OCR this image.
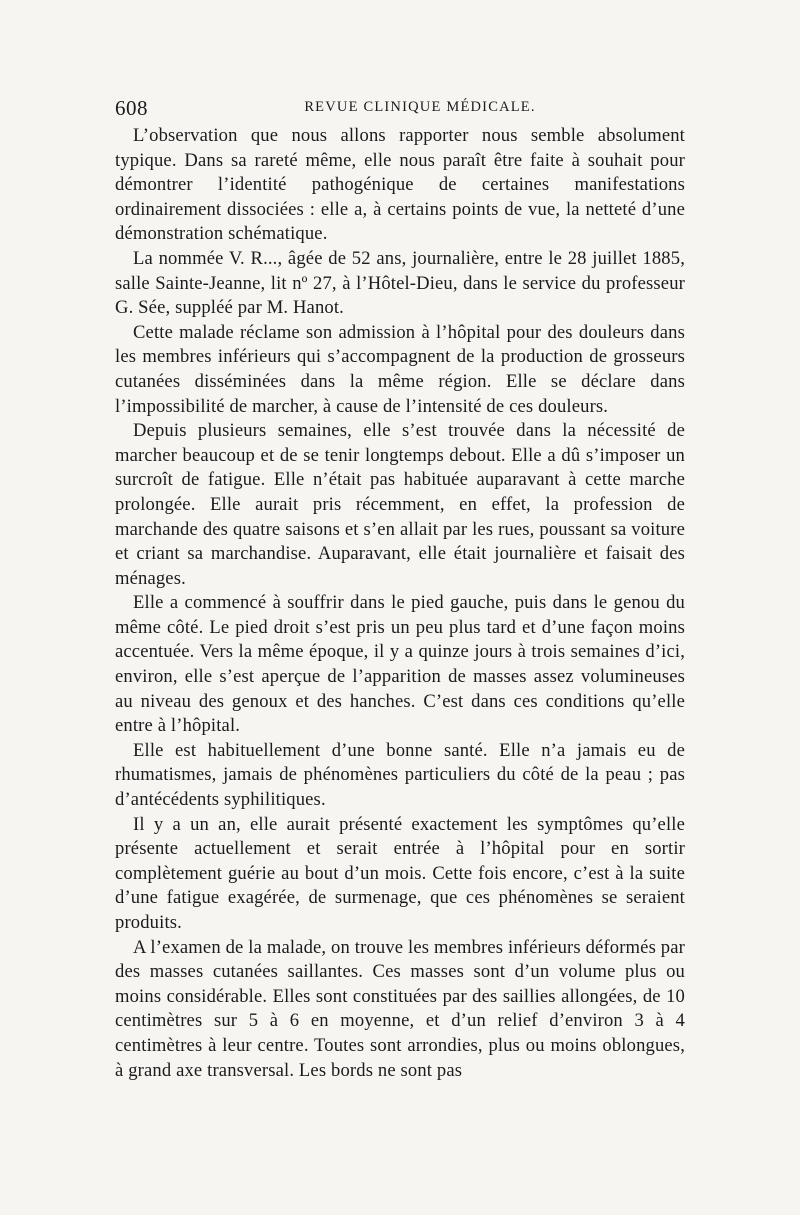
608	REVUE CLINIQUE MÉDICALE.

L’observation que nous allons rapporter nous semble absolument typique. Dans sa rareté même, elle nous paraît être faite à souhait pour démontrer l’identité pathogénique de certaines manifestations ordinairement dissociées : elle a, à certains points de vue, la netteté d’une démonstration schématique.

La nommée V. R..., âgée de 52 ans, journalière, entre le 28 juillet 1885, salle Sainte-Jeanne, lit nº 27, à l’Hôtel-Dieu, dans le service du professeur G. Sée, suppléé par M. Hanot.

Cette malade réclame son admission à l’hôpital pour des douleurs dans les membres inférieurs qui s’accompagnent de la production de grosseurs cutanées disséminées dans la même région. Elle se déclare dans l’impossibilité de marcher, à cause de l’intensité de ces douleurs.

Depuis plusieurs semaines, elle s’est trouvée dans la nécessité de marcher beaucoup et de se tenir longtemps debout. Elle a dû s’imposer un surcroît de fatigue. Elle n’était pas habituée auparavant à cette marche prolongée. Elle aurait pris récemment, en effet, la profession de marchande des quatre saisons et s’en allait par les rues, poussant sa voiture et criant sa marchandise. Auparavant, elle était journalière et faisait des ménages.

Elle a commencé à souffrir dans le pied gauche, puis dans le genou du même côté. Le pied droit s’est pris un peu plus tard et d’une façon moins accentuée. Vers la même époque, il y a quinze jours à trois semaines d’ici, environ, elle s’est aperçue de l’apparition de masses assez volumineuses au niveau des genoux et des hanches. C’est dans ces conditions qu’elle entre à l’hôpital.

Elle est habituellement d’une bonne santé. Elle n’a jamais eu de rhumatismes, jamais de phénomènes particuliers du côté de la peau ; pas d’antécédents syphilitiques.

Il y a un an, elle aurait présenté exactement les symptômes qu’elle présente actuellement et serait entrée à l’hôpital pour en sortir complètement guérie au bout d’un mois. Cette fois encore, c’est à la suite d’une fatigue exagérée, de surmenage, que ces phénomènes se seraient produits.

A l’examen de la malade, on trouve les membres inférieurs déformés par des masses cutanées saillantes. Ces masses sont d’un volume plus ou moins considérable. Elles sont constituées par des saillies allongées, de 10 centimètres sur 5 à 6 en moyenne, et d’un relief d’environ 3 à 4 centimètres à leur centre. Toutes sont arrondies, plus ou moins oblongues, à grand axe transversal. Les bords ne sont pas
